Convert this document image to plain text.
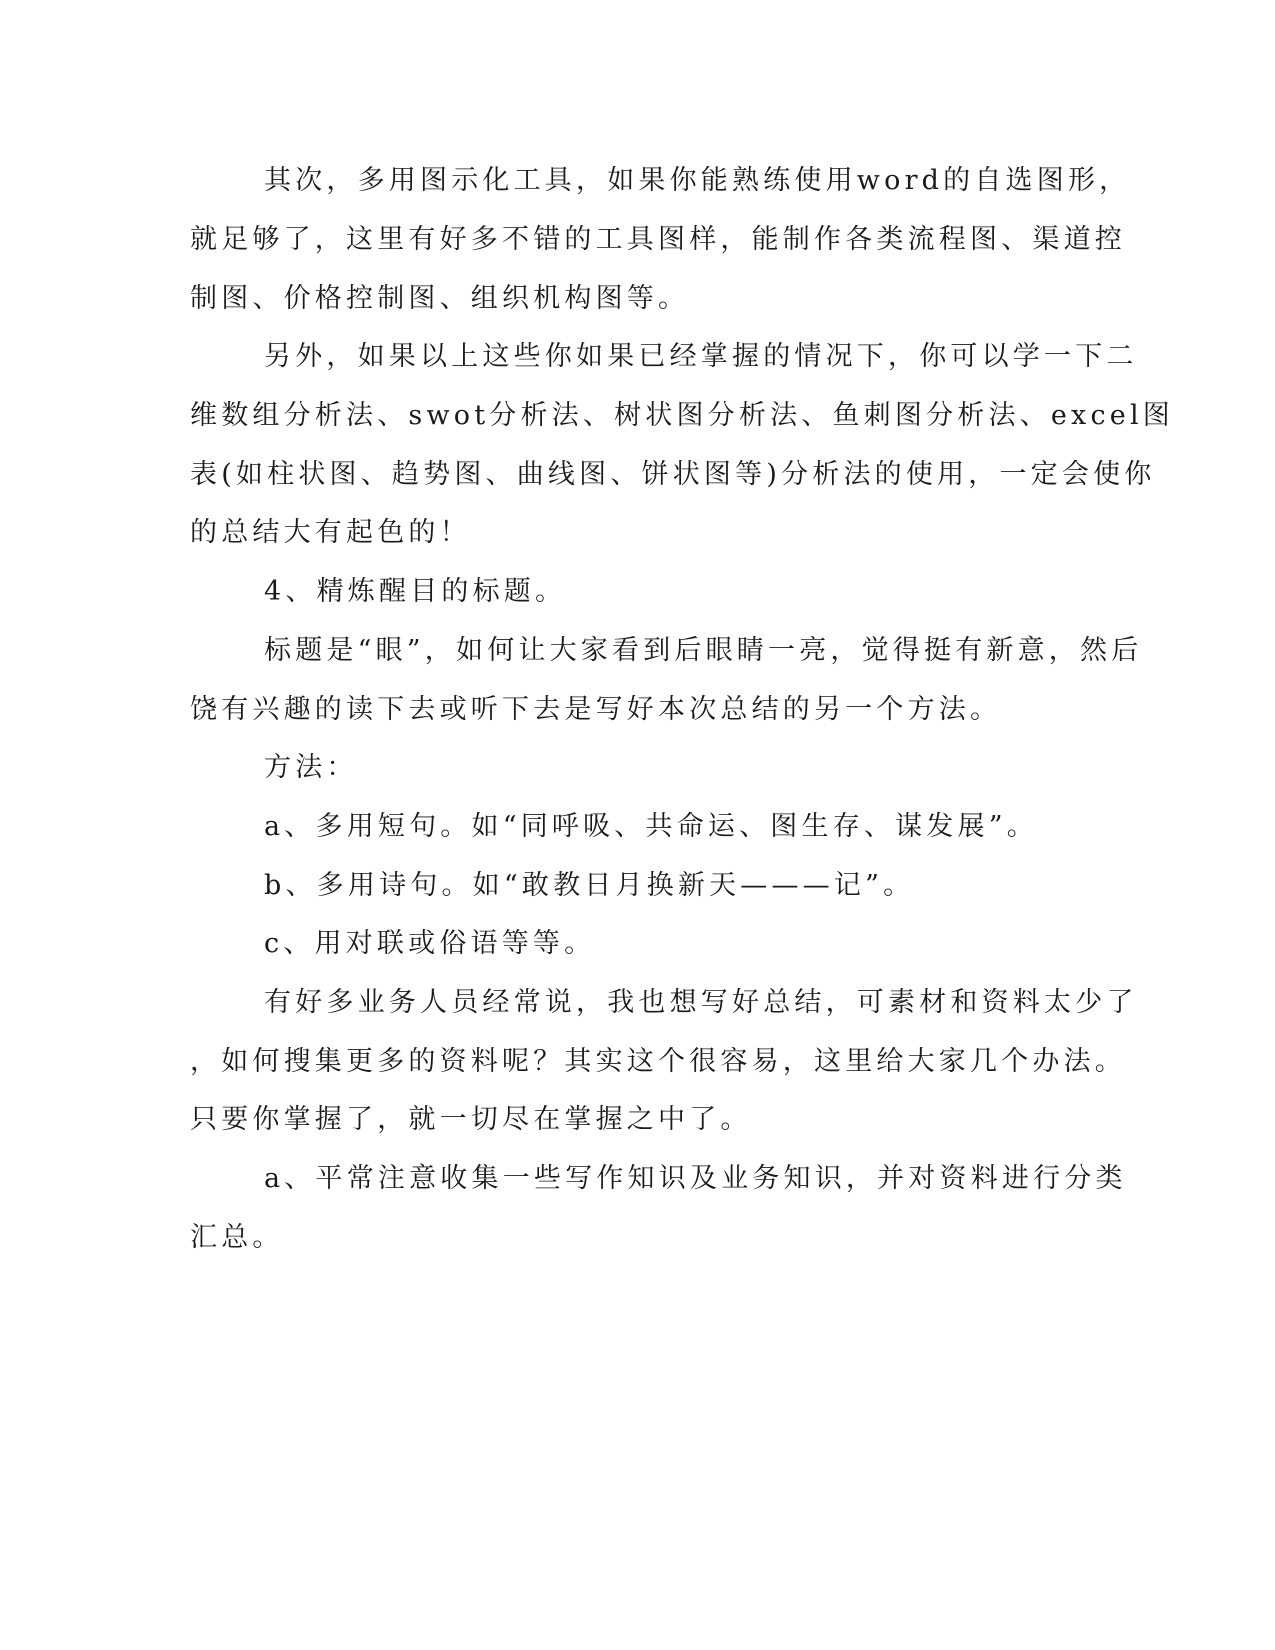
其次，多用图示化工具，如果你能熟练使用word的自选图形，
就足够了，这里有好多不错的工具图样，能制作各类流程图、渠道控
制图、价格控制图、组织机构图等。
另外，如果以上这些你如果已经掌握的情况下，你可以学一下二
维数组分析法、swot分析法、树状图分析法、鱼刺图分析法、excel图
表(如柱状图、趋势图、曲线图、饼状图等)分析法的使用，一定会使你
的总结大有起色的！
4、精炼醒目的标题。
标题是“眼”，如何让大家看到后眼睛一亮，觉得挺有新意，然后
饶有兴趣的读下去或听下去是写好本次总结的另一个方法。
方法：
a、多用短句。如“同呼吸、共命运、图生存、谋发展”。
b、多用诗句。如“敢教日月换新天———记”。
c、用对联或俗语等等。
有好多业务人员经常说，我也想写好总结，可素材和资料太少了
，如何搜集更多的资料呢？其实这个很容易，这里给大家几个办法。
只要你掌握了，就一切尽在掌握之中了。
a、平常注意收集一些写作知识及业务知识，并对资料进行分类
汇总。
